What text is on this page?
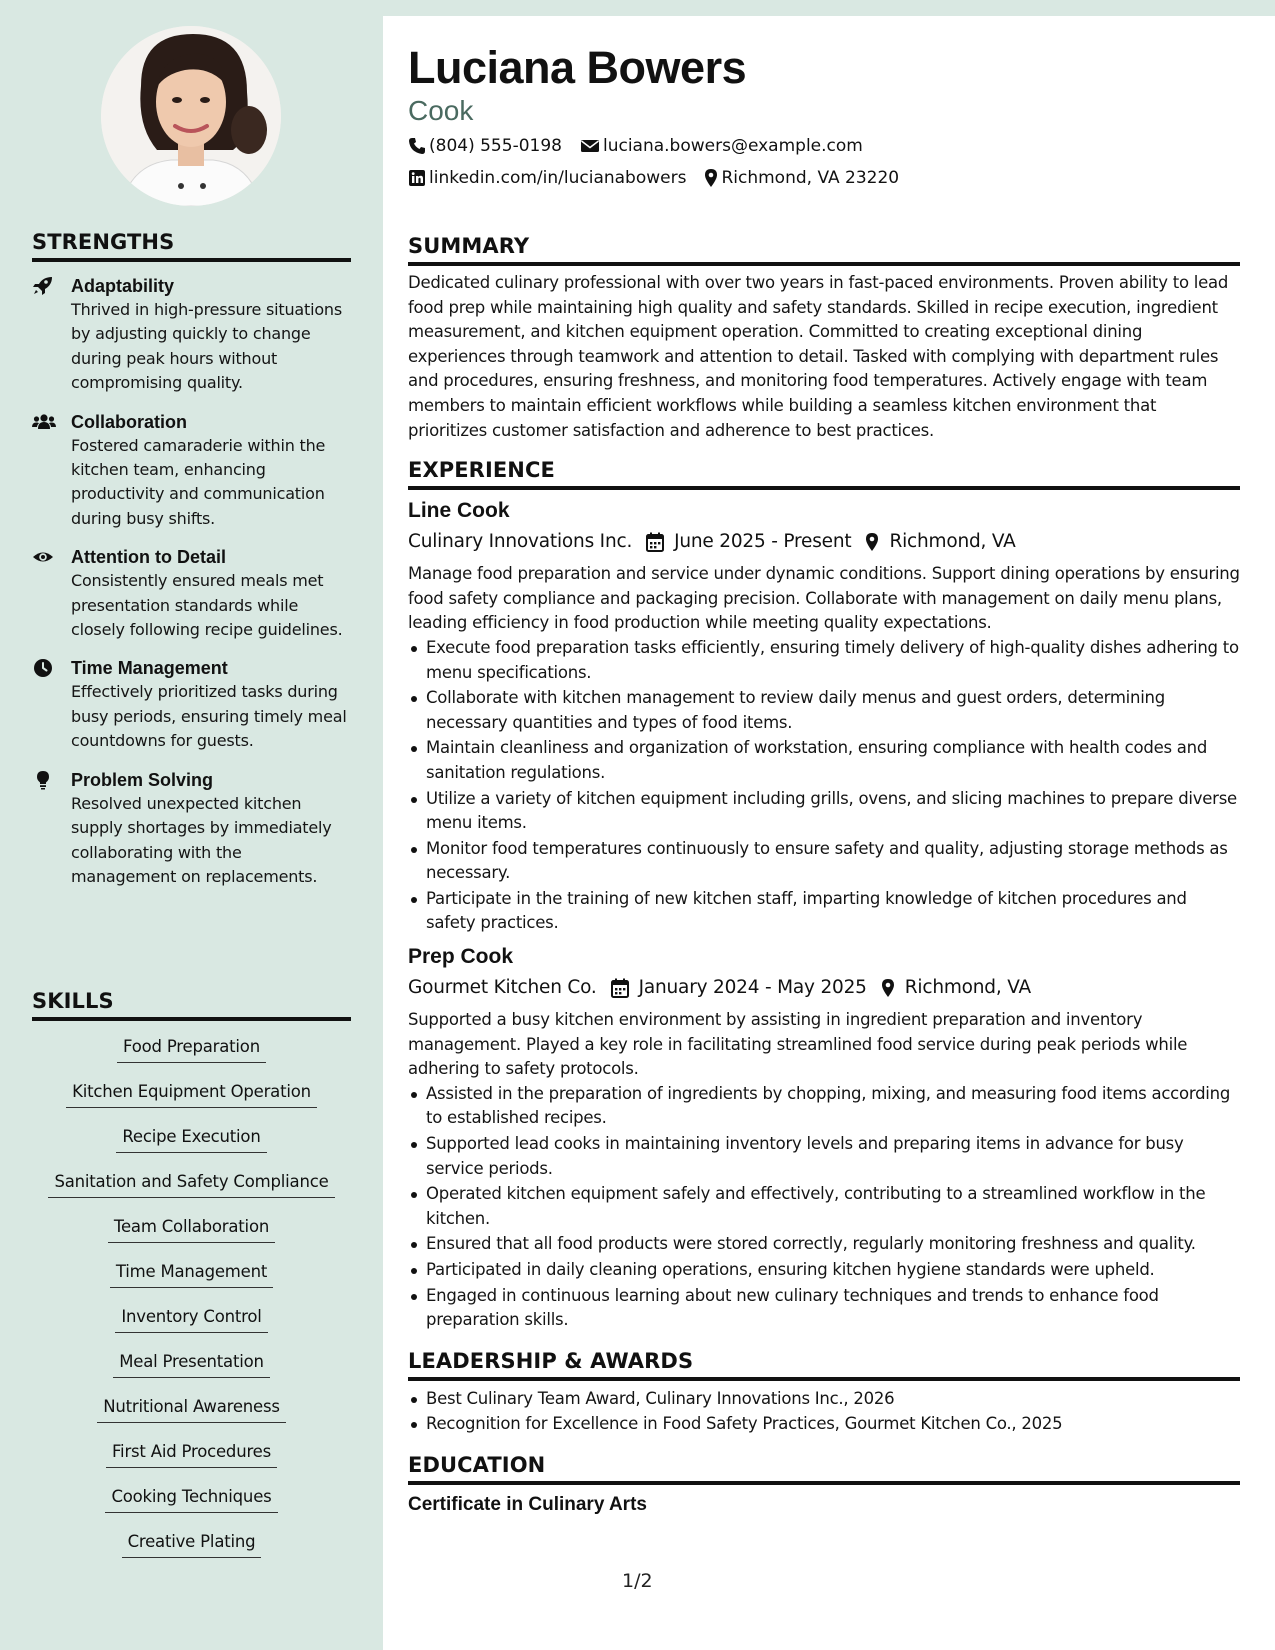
STRENGTHS
Adaptability
Thrived in high-pressure situations by adjusting quickly to change during peak hours without compromising quality.
Collaboration
Fostered camaraderie within the kitchen team, enhancing productivity and communication during busy shifts.
Attention to Detail
Consistently ensured meals met presentation standards while closely following recipe guidelines.
Time Management
Effectively prioritized tasks during busy periods, ensuring timely meal countdowns for guests.
Problem Solving
Resolved unexpected kitchen supply shortages by immediately collaborating with the management on replacements.
SKILLS
Food Preparation
Kitchen Equipment Operation
Recipe Execution
Sanitation and Safety Compliance
Team Collaboration
Time Management
Inventory Control
Meal Presentation
Nutritional Awareness
First Aid Procedures
Cooking Techniques
Creative Plating
Luciana Bowers
Cook
(804) 555-0198 luciana.bowers@example.com
linkedin.com/in/lucianabowers Richmond, VA 23220
SUMMARY
Dedicated culinary professional with over two years in fast-paced environments. Proven ability to lead food prep while maintaining high quality and safety standards. Skilled in recipe execution, ingredient measurement, and kitchen equipment operation. Committed to creating exceptional dining experiences through teamwork and attention to detail. Tasked with complying with department rules and procedures, ensuring freshness, and monitoring food temperatures. Actively engage with team members to maintain efficient workflows while building a seamless kitchen environment that prioritizes customer satisfaction and adherence to best practices.
EXPERIENCE
Line Cook
Culinary Innovations Inc. June 2025 - Present Richmond, VA
Manage food preparation and service under dynamic conditions. Support dining operations by ensuring food safety compliance and packaging precision. Collaborate with management on daily menu plans, leading efficiency in food production while meeting quality expectations.
Execute food preparation tasks efficiently, ensuring timely delivery of high-quality dishes adhering to menu specifications.
Collaborate with kitchen management to review daily menus and guest orders, determining necessary quantities and types of food items.
Maintain cleanliness and organization of workstation, ensuring compliance with health codes and sanitation regulations.
Utilize a variety of kitchen equipment including grills, ovens, and slicing machines to prepare diverse menu items.
Monitor food temperatures continuously to ensure safety and quality, adjusting storage methods as necessary.
Participate in the training of new kitchen staff, imparting knowledge of kitchen procedures and safety practices.
Prep Cook
Gourmet Kitchen Co. January 2024 - May 2025 Richmond, VA
Supported a busy kitchen environment by assisting in ingredient preparation and inventory management. Played a key role in facilitating streamlined food service during peak periods while adhering to safety protocols.
Assisted in the preparation of ingredients by chopping, mixing, and measuring food items according to established recipes.
Supported lead cooks in maintaining inventory levels and preparing items in advance for busy service periods.
Operated kitchen equipment safely and effectively, contributing to a streamlined workflow in the kitchen.
Ensured that all food products were stored correctly, regularly monitoring freshness and quality.
Participated in daily cleaning operations, ensuring kitchen hygiene standards were upheld.
Engaged in continuous learning about new culinary techniques and trends to enhance food preparation skills.
LEADERSHIP & AWARDS
Best Culinary Team Award, Culinary Innovations Inc., 2026
Recognition for Excellence in Food Safety Practices, Gourmet Kitchen Co., 2025
EDUCATION
Certificate in Culinary Arts
1/2
